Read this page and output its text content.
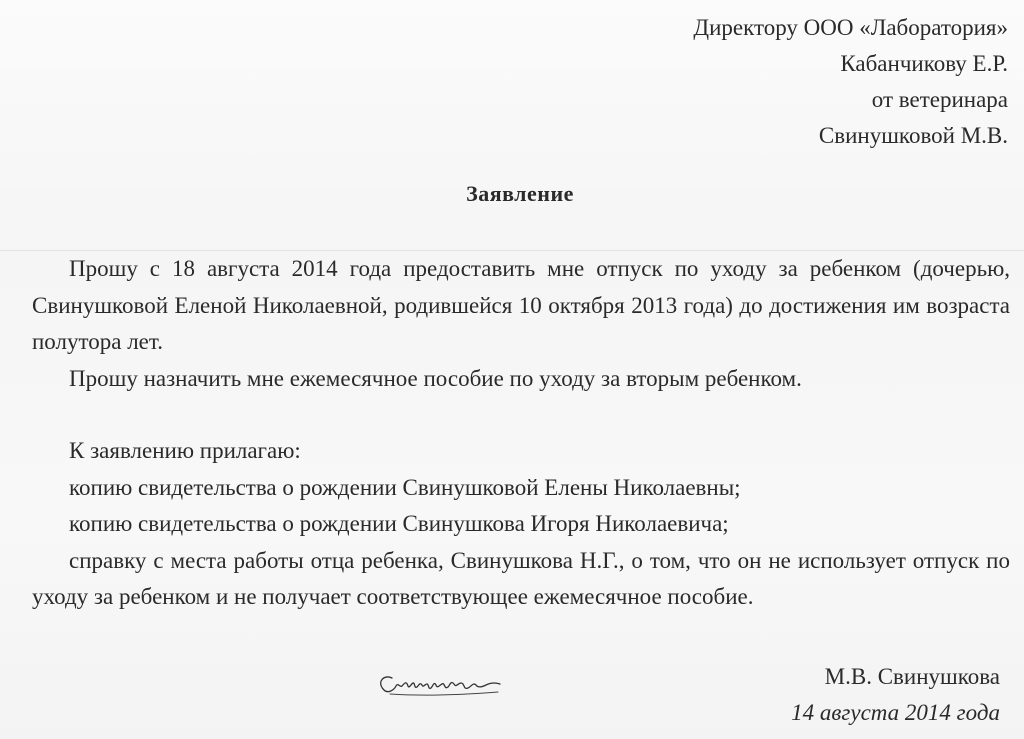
Директору ООО «Лаборатория»
Кабанчикову Е.Р.
от ветеринара
Свинушковой М.В.
Заявление

Прошу с 18 августа 2014 года предоставить мне отпуск по уходу за ребенком (дочерью, Свинушковой Еленой Николаевной, родившейся 10 октября 2013 года) до достижения им возраста полутора лет.

Прошу назначить мне ежемесячное пособие по уходу за вторым ребенком.

К заявлению прилагаю:

копию свидетельства о рождении Свинушковой Елены Николаевны;

копию свидетельства о рождении Свинушкова Игоря Николаевича;

справку с места работы отца ребенка, Свинушкова Н.Г., о том, что он не использует отпуск по уходу за ребенком и не получает соответствующее ежемесячное пособие.

М.В. Свинушкова
14 августа 2014 года
